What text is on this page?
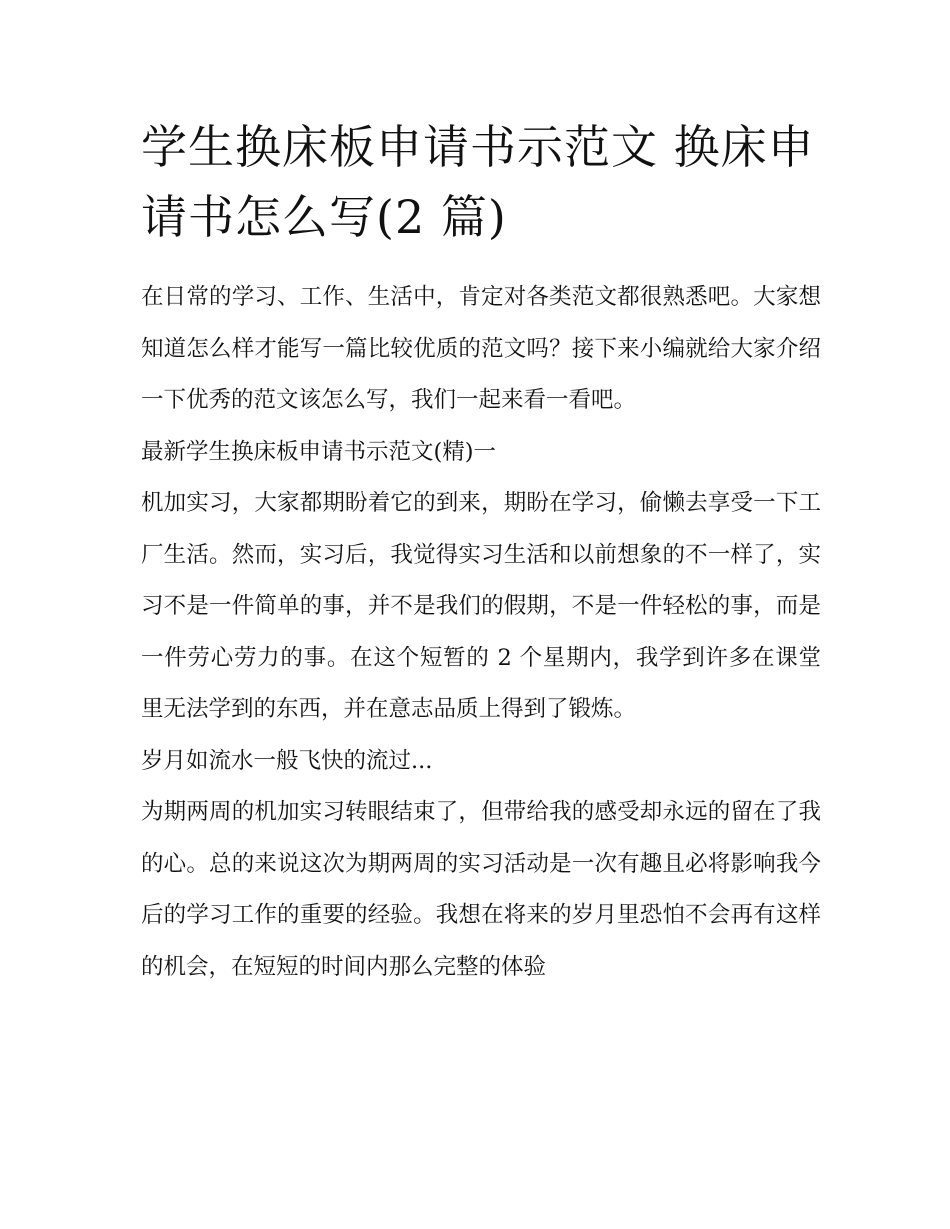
学生换床板申请书示范文 换床申请书怎么写(2 篇)

在日常的学习、工作、生活中，肯定对各类范文都很熟悉吧。大家想知道怎么样才能写一篇比较优质的范文吗？接下来小编就给大家介绍一下优秀的范文该怎么写，我们一起来看一看吧。

最新学生换床板申请书示范文(精)一

机加实习，大家都期盼着它的到来，期盼在学习，偷懒去享受一下工厂生活。然而，实习后，我觉得实习生活和以前想象的不一样了，实习不是一件简单的事，并不是我们的假期，不是一件轻松的事，而是一件劳心劳力的事。在这个短暂的 2 个星期内，我学到许多在课堂里无法学到的东西，并在意志品质上得到了锻炼。

岁月如流水一般飞快的流过...

为期两周的机加实习转眼结束了，但带给我的感受却永远的留在了我的心。总的来说这次为期两周的实习活动是一次有趣且必将影响我今后的学习工作的重要的经验。我想在将来的岁月里恐怕不会再有这样的机会，在短短的时间内那么完整的体验
